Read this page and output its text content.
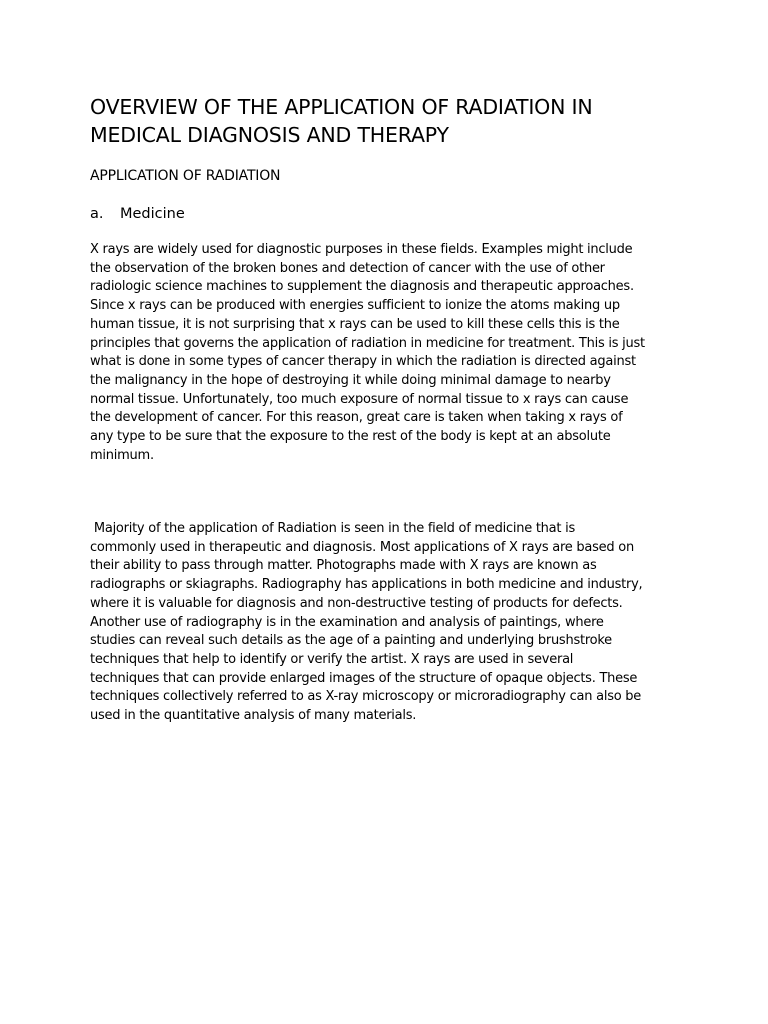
OVERVIEW OF THE APPLICATION OF RADIATION IN
MEDICAL DIAGNOSIS AND THERAPY
APPLICATION OF RADIATION
a. Medicine

X rays are widely used for diagnostic purposes in these fields. Examples might include
the observation of the broken bones and detection of cancer with the use of other
radiologic science machines to supplement the diagnosis and therapeutic approaches.
Since x rays can be produced with energies sufficient to ionize the atoms making up
human tissue, it is not surprising that x rays can be used to kill these cells this is the
principles that governs the application of radiation in medicine for treatment. This is just
what is done in some types of cancer therapy in which the radiation is directed against
the malignancy in the hope of destroying it while doing minimal damage to nearby
normal tissue. Unfortunately, too much exposure of normal tissue to x rays can cause
the development of cancer. For this reason, great care is taken when taking x rays of
any type to be sure that the exposure to the rest of the body is kept at an absolute
minimum.

Majority of the application of Radiation is seen in the field of medicine that is
commonly used in therapeutic and diagnosis. Most applications of X rays are based on
their ability to pass through matter. Photographs made with X rays are known as
radiographs or skiagraphs. Radiography has applications in both medicine and industry,
where it is valuable for diagnosis and non-destructive testing of products for defects.
Another use of radiography is in the examination and analysis of paintings, where
studies can reveal such details as the age of a painting and underlying brushstroke
techniques that help to identify or verify the artist. X rays are used in several
techniques that can provide enlarged images of the structure of opaque objects. These
techniques collectively referred to as X-ray microscopy or microradiography can also be
used in the quantitative analysis of many materials.
